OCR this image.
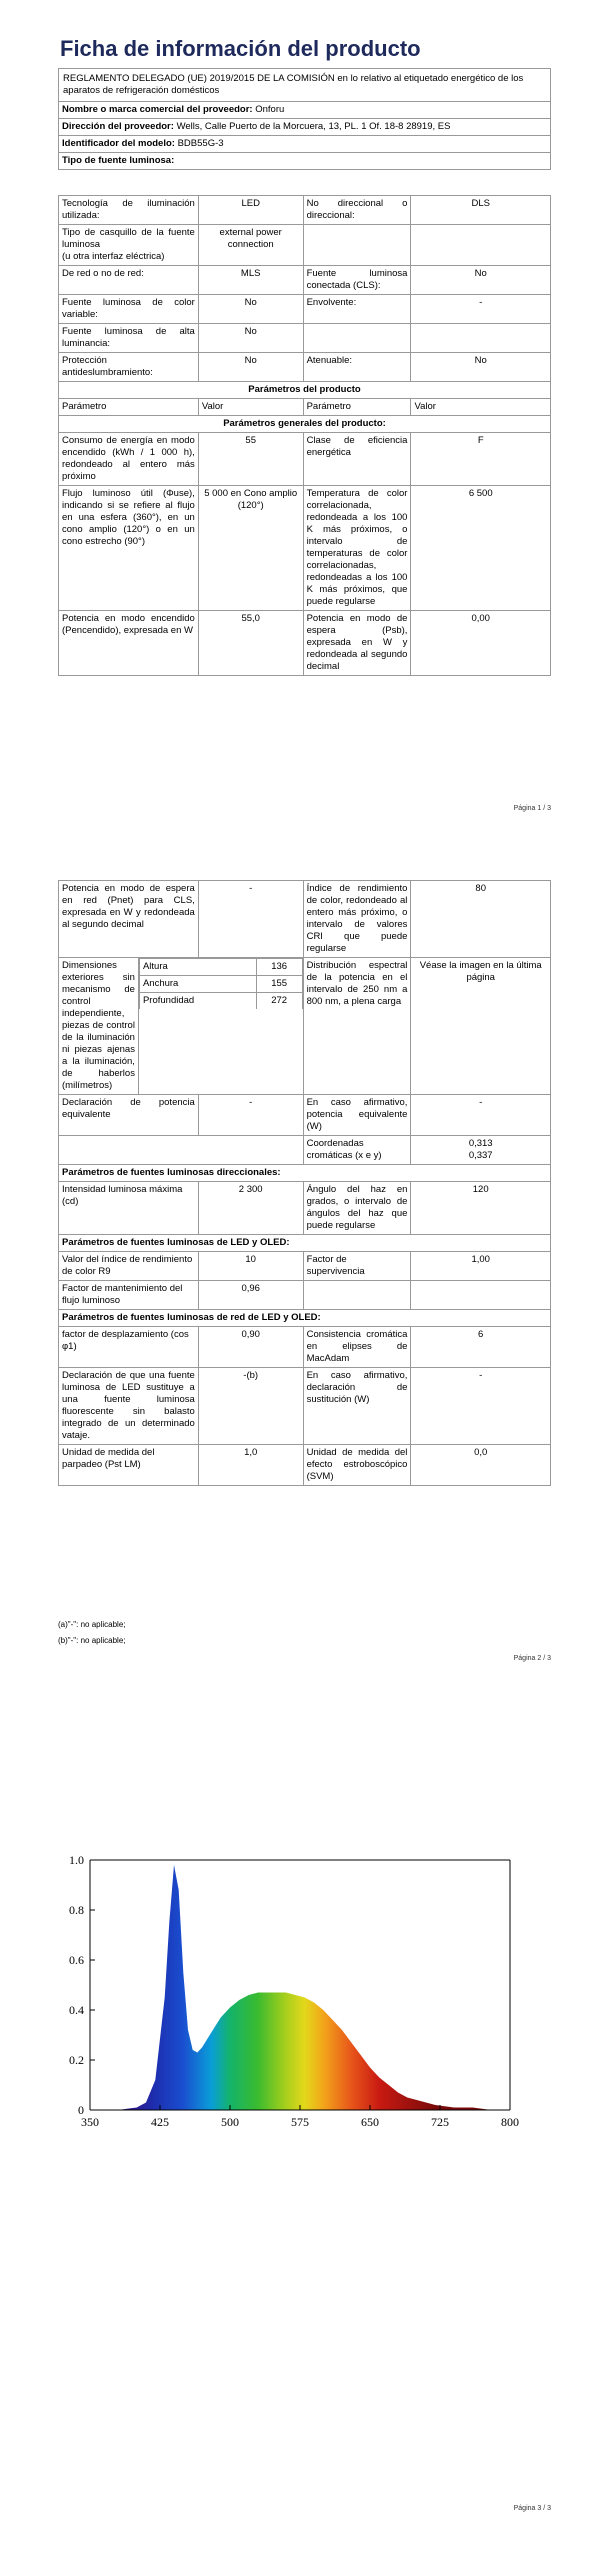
Ficha de información del producto
REGLAMENTO DELEGADO (UE) 2019/2015 DE LA COMISIÓN en lo relativo al etiquetado energético de los aparatos de refrigeración domésticos
Nombre o marca comercial del proveedor: Onforu
Dirección del proveedor: Wells, Calle Puerto de la Morcuera, 13, PL. 1 Of. 18-8 28919, ES
Identificador del modelo: BDB55G-3
Tipo de fuente luminosa:
Tecnología de iluminación utilizada:	LED	No direccional o direccional:	DLS
Tipo de casquillo de la fuente luminosa
(u otra interfaz eléctrica)	external power connection		
De red o no de red:	MLS	Fuente luminosa conectada (CLS):	No
Fuente luminosa de color variable:	No	Envolvente:	-
Fuente luminosa de alta luminancia:	No		
Protección antideslumbramiento:	No	Atenuable:	No
Parámetros del producto			
Parámetro	Valor	Parámetro	Valor
Parámetros generales del producto:			
Consumo de energía en modo encendido (kWh / 1 000 h), redondeado al entero más próximo	55	Clase de eficiencia energética	F
Flujo luminoso útil (Φuse), indicando si se refiere al flujo en una esfera (360°), en un cono amplio (120°) o en un cono estrecho (90°)	5 000 en Cono amplio (120°)	Temperatura de color correlacionada, redondeada a los 100 K más próximos, o intervalo de temperaturas de color correlacionadas, redondeadas a los 100 K más próximos, que puede regularse	6 500
Potencia en modo encendido (Pencendido), expresada en W	55,0	Potencia en modo de espera (Psb), expresada en W y redondeada al segundo decimal	0,00
Página 1 / 3
Potencia en modo de espera en red (Pnet) para CLS, expresada en W y redondeada al segundo decimal	-	Índice de rendimiento de color, redondeado al entero más próximo, o intervalo de valores CRI que puede regularse	80
Dimensiones exteriores sin mecanismo de control independiente, piezas de control de la iluminación ni piezas ajenas a la iluminación, de haberlos (milímetros)	
Altura	136
Anchura	155
Profundidad	272
	Distribución espectral de la potencia en el intervalo de 250 nm a 800 nm, a plena carga	Véase la imagen en la última página
Declaración de potencia equivalente	-	En caso afirmativo, potencia equivalente (W)	-
	Coordenadas cromáticas (x e y)	0,313
0,337
Parámetros de fuentes luminosas direccionales:
Intensidad luminosa máxima (cd)	2 300	Ángulo del haz en grados, o intervalo de ángulos del haz que puede regularse	120
Parámetros de fuentes luminosas de LED y OLED:
Valor del índice de rendimiento de color R9	10	Factor de supervivencia	1,00
Factor de mantenimiento del flujo luminoso	0,96		
Parámetros de fuentes luminosas de red de LED y OLED:
factor de desplazamiento (cos φ1)	0,90	Consistencia cromática en elipses de MacAdam	6
Declaración de que una fuente luminosa de LED sustituye a una fuente luminosa fluorescente sin balasto integrado de un determinado vataje.	-(b)	En caso afirmativo, declaración de sustitución (W)	-
Unidad de medida del parpadeo (Pst LM)	1,0	Unidad de medida del efecto estroboscópico (SVM)	0,0
(a)"-": no aplicable;
(b)"-": no aplicable;
Página 2 / 3
350	425	500	575	650	725	800
0
0.2
0.4
0.6
0.8
1.0
Página 3 / 3
